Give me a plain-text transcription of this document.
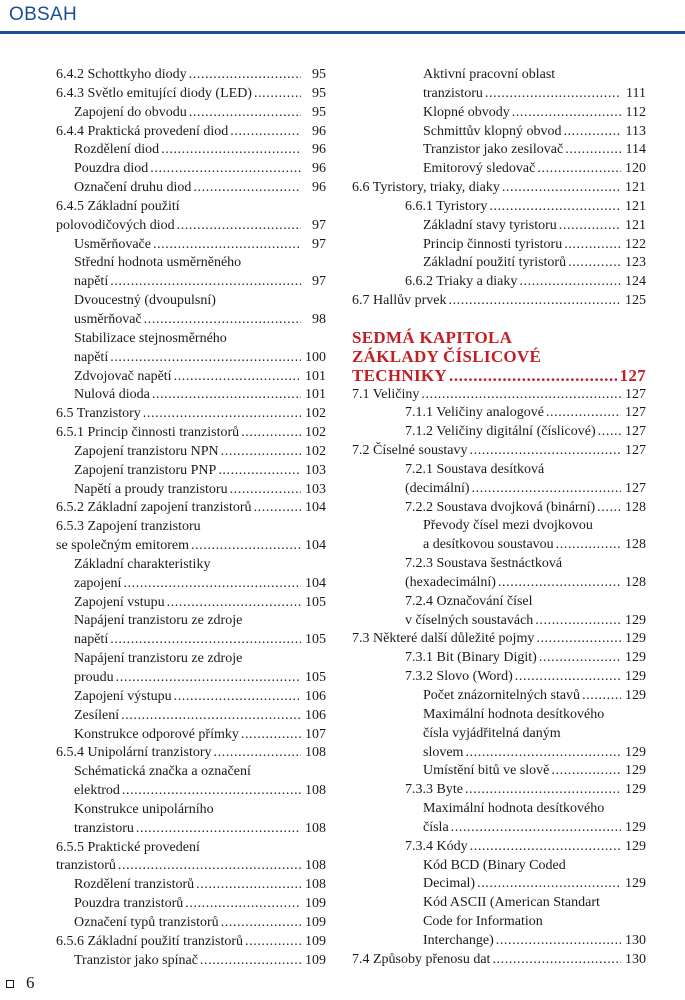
OBSAH
6.4.2 Schottkyho diody .....	95
6.4.3 Světlo emitující diody (LED) .....	95
Zapojení do obvodu .....	95
6.4.4 Praktická provedení diod .....	96
Rozdělení diod .....	96
Pouzdra diod .....	96
Označení druhu diod .....	96
6.4.5 Základní použití
polovodičových diod .....	97
Usměrňovače .....	97
Střední hodnota usměrněného
napětí .....	97
Dvoucestný (dvoupulsní)
usměrňovač .....	98
Stabilizace stejnosměrného
napětí .....	100
Zdvojovač napětí .....	101
Nulová dioda .....	101
6.5 Tranzistory .....	102
6.5.1 Princip činnosti tranzistorů .....	102
Zapojení tranzistoru NPN .....	102
Zapojení tranzistoru PNP .....	103
Napětí a proudy tranzistoru .....	103
6.5.2 Základní zapojení tranzistorů .....	104
6.5.3 Zapojení tranzistoru
se společným emitorem .....	104
Základní charakteristiky
zapojení .....	104
Zapojení vstupu .....	105
Napájení tranzistoru ze zdroje
napětí .....	105
Napájení tranzistoru ze zdroje
proudu .....	105
Zapojení výstupu .....	106
Zesílení .....	106
Konstrukce odporové přímky .....	107
6.5.4 Unipolární tranzistory .....	108
Schématická značka a označení
elektrod .....	108
Konstrukce unipolárního
tranzistoru .....	108
6.5.5 Praktické provedení
tranzistorů .....	108
Rozdělení tranzistorů .....	108
Pouzdra tranzistorů .....	109
Označení typů tranzistorů .....	109
6.5.6 Základní použití tranzistorů .....	109
Tranzistor jako spínač .....	109
Aktivní pracovní oblast
tranzistoru .....	111
Klopné obvody .....	112
Schmittův klopný obvod .....	113
Tranzistor jako zesilovač .....	114
Emitorový sledovač .....	120
6.6 Tyristory, triaky, diaky .....	121
6.6.1 Tyristory .....	121
Základní stavy tyristoru .....	121
Princip činnosti tyristoru .....	122
Základní použití tyristorů .....	123
6.6.2 Triaky a diaky .....	124
6.7 Hallův prvek .....	125
SEDMÁ KAPITOLA
ZÁKLADY ČÍSLICOVÉ
TECHNIKY .....	127
7.1 Veličiny .....	127
7.1.1 Veličiny analogové .....	127
7.1.2 Veličiny digitální (číslicové) ..... 127
7.2 Číselné soustavy .....	127
7.2.1 Soustava desítková
(decimální) .....	127
7.2.2 Soustava dvojková (binární) ..... 128
Převody čísel mezi dvojkovou
a desítkovou soustavou .....	128
7.2.3 Soustava šestnáctková
(hexadecimální) .....	128
7.2.4 Označování čísel
v číselných soustavách .....	129
7.3 Některé další důležité pojmy .....	129
7.3.1 Bit (Binary Digit) .....	129
7.3.2 Slovo (Word) .....	129
Počet znázornitelných stavů .....	129
Maximální hodnota desítkového
čísla vyjádřitelná daným
slovem .....	129
Umístění bitů ve slově .....	129
7.3.3 Byte .....	129
Maximální hodnota desítkového
čísla .....	129
7.3.4 Kódy .....	129
Kód BCD (Binary Coded
Decimal) .....	129
Kód ASCII (American Standart
Code for Information
Interchange) .....	130
7.4 Způsoby přenosu dat .....	130
6
